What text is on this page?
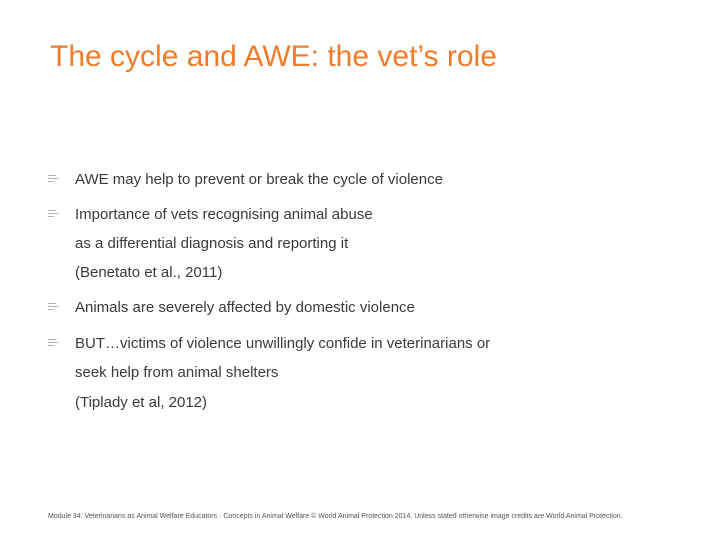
The cycle and AWE: the vet’s role
AWE may help to prevent or break the cycle of violence
Importance of vets recognising animal abuse
as a differential diagnosis and reporting it
(Benetato et al., 2011)
Animals are severely affected by domestic violence
BUT…victims of violence unwillingly confide in veterinarians or
seek help from animal shelters
(Tiplady et al, 2012)
Module 34: Veterinarians as Animal Welfare Educators · Concepts in Animal Welfare © World Animal Protection 2014. Unless stated otherwise image credits are World Animal Protection.
